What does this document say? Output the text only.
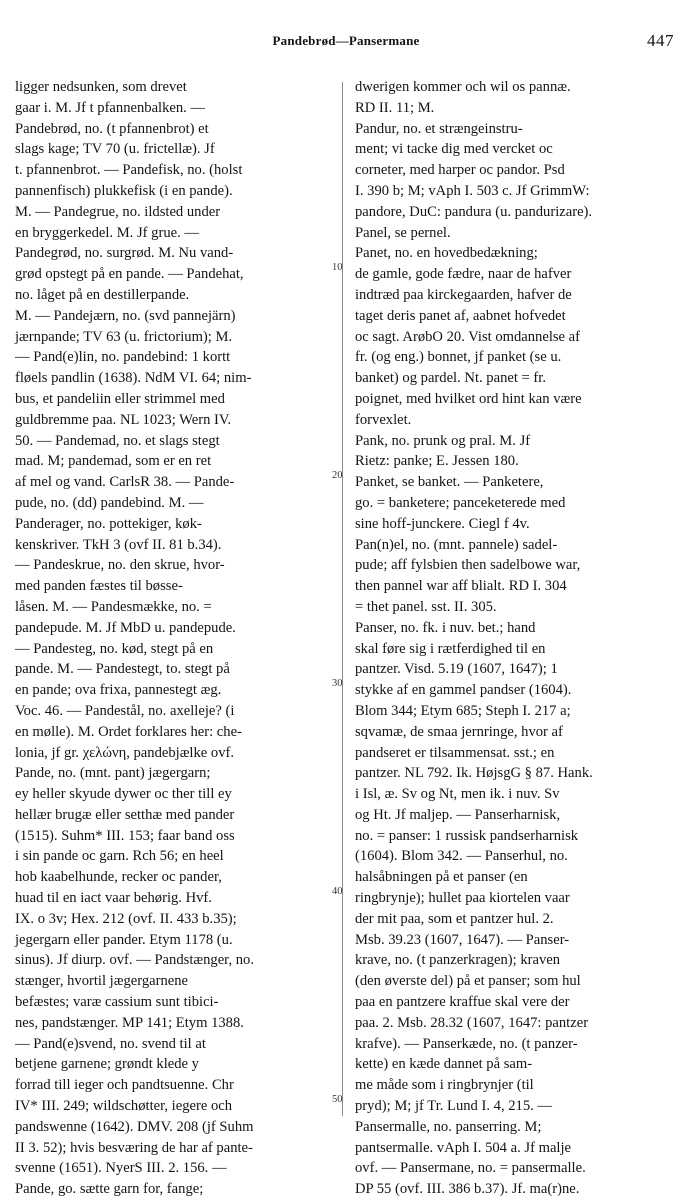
Pandebrød—Pansermane	447
10
20
30
40
50
ligger nedsunken, som drevet
gaar i. M. Jf t pfannenbalken. —
Pandebrød, no. (t pfannenbrot) et
slags kage; TV 70 (u. frictellæ). Jf
t. pfannenbrot. — Pandefisk, no. (holst
pannenfisch) plukkefisk (i en pande).
M. — Pandegrue, no. ildsted under
en bryggerkedel. M. Jf grue. —
Pandegrød, no. surgrød. M. Nu vand-
grød opstegt på en pande. — Pandehat,
no. låget på en destillerpande.
M. — Pandejærn, no. (svd pannejärn)
jærnpande; TV 63 (u. frictorium); M.
— Pand(e)lin, no. pandebind: 1 kortt
fløels pandlin (1638). NdM VI. 64; nim-
bus, et pandeliin eller strimmel med
guldbremme paa. NL 1023; Wern IV.
50. — Pandemad, no. et slags stegt
mad. M; pandemad, som er en ret
af mel og vand. CarlsR 38. — Pande-
pude, no. (dd) pandebind. M. —
Panderager, no. pottekiger, køk-
kenskriver. TkH 3 (ovf II. 81 b.34).
— Pandeskrue, no. den skrue, hvor-
med panden fæstes til bøsse-
låsen. M. — Pandesmække, no. =
pandepude. M. Jf MbD u. pandepude.
— Pandesteg, no. kød, stegt på en
pande. M. — Pandestegt, to. stegt på
en pande; ova frixa, pannestegt æg.
Voc. 46. — Pandestål, no. axelleje? (i
en mølle). M. Ordet forklares her: che-
lonia, jf gr. χελώνη, pandebjælke ovf.
Pande, no. (mnt. pant) jægergarn;
ey heller skyude dywer oc ther till ey
hellær brugæ eller setthæ med pander
(1515). Suhm* III. 153; faar band oss
i sin pande oc garn. Rch 56; en heel
hob kaabelhunde, recker oc pander,
huad til en iact vaar behørig. Hvf.
IX. o 3v; Hex. 212 (ovf. II. 433 b.35);
jegergarn eller pander. Etym 1178 (u.
sinus). Jf diurp. ovf. — Pandstænger, no.
stænger, hvortil jægergarnene
befæstes; varæ cassium sunt tibici-
nes, pandstænger. MP 141; Etym 1388.
— Pand(e)svend, no. svend til at
betjene garnene; grøndt klede y
forrad till ieger och pandtsuenne. Chr
IV* III. 249; wildschøtter, iegere och
pandswenne (1642). DMV. 208 (jf Suhm
II 3. 52); hvis besværing de har af pante-
svenne (1651). NyerS III. 2. 156. —
Pande, go. sætte garn for, fange;
dwerigen kommer och wil os pannæ.
RD II. 11; M.
Pandur, no. et strængeinstru-
ment; vi tacke dig med vercket oc
corneter, med harper oc pandor. Psd
I. 390 b; M; vAph I. 503 c. Jf GrimmW:
pandore, DuC: pandura (u. pandurizare).
Panel, se pernel.
Panet, no. en hovedbedækning;
de gamle, gode fædre, naar de hafver
indtræd paa kirckegaarden, hafver de
taget deris panet af, aabnet hofvedet
oc sagt. ArøbO 20. Vist omdannelse af
fr. (og eng.) bonnet, jf panket (se u.
banket) og pardel. Nt. panet = fr.
poignet, med hvilket ord hint kan være
forvexlet.
Pank, no. prunk og pral. M. Jf
Rietz: panke; E. Jessen 180.
Panket, se banket. — Panketere,
go. = banketere; panceketerede med
sine hoff-junckere. Ciegl f 4v.
Pan(n)el, no. (mnt. pannele) sadel-
pude; aff fylsbien then sadelbowe war,
then pannel war aff blialt. RD I. 304
= thet panel. sst. II. 305.
Panser, no. fk. i nuv. bet.; hand
skal føre sig i rætferdighed til en
pantzer. Visd. 5.19 (1607, 1647); 1
stykke af en gammel pandser (1604).
Blom 344; Etym 685; Steph I. 217 a;
sqvamæ, de smaa jernringe, hvor af
pandseret er tilsammensat. sst.; en
pantzer. NL 792. Ik. HøjsgG § 87. Hank.
i Isl, æ. Sv og Nt, men ik. i nuv. Sv
og Ht. Jf maljep. — Panserharnisk,
no. = panser: 1 russisk pandserharnisk
(1604). Blom 342. — Panserhul, no.
halsåbningen på et panser (en
ringbrynje); hullet paa kiortelen vaar
der mit paa, som et pantzer hul. 2.
Msb. 39.23 (1607, 1647). — Panser-
krave, no. (t panzerkragen); kraven
(den øverste del) på et panser; som hul
paa en pantzere kraffue skal vere der
paa. 2. Msb. 28.32 (1607, 1647: pantzer
krafve). — Panserkæde, no. (t panzer-
kette) en kæde dannet på sam-
me måde som i ringbrynjer (til
pryd); M; jf Tr. Lund I. 4, 215. —
Pansermalle, no. panserring. M;
pantsermalle. vAph I. 504 a. Jf malje
ovf. — Pansermane, no. = pansermalle.
DP 55 (ovf. III. 386 b.37). Jf. ma(r)ne.
